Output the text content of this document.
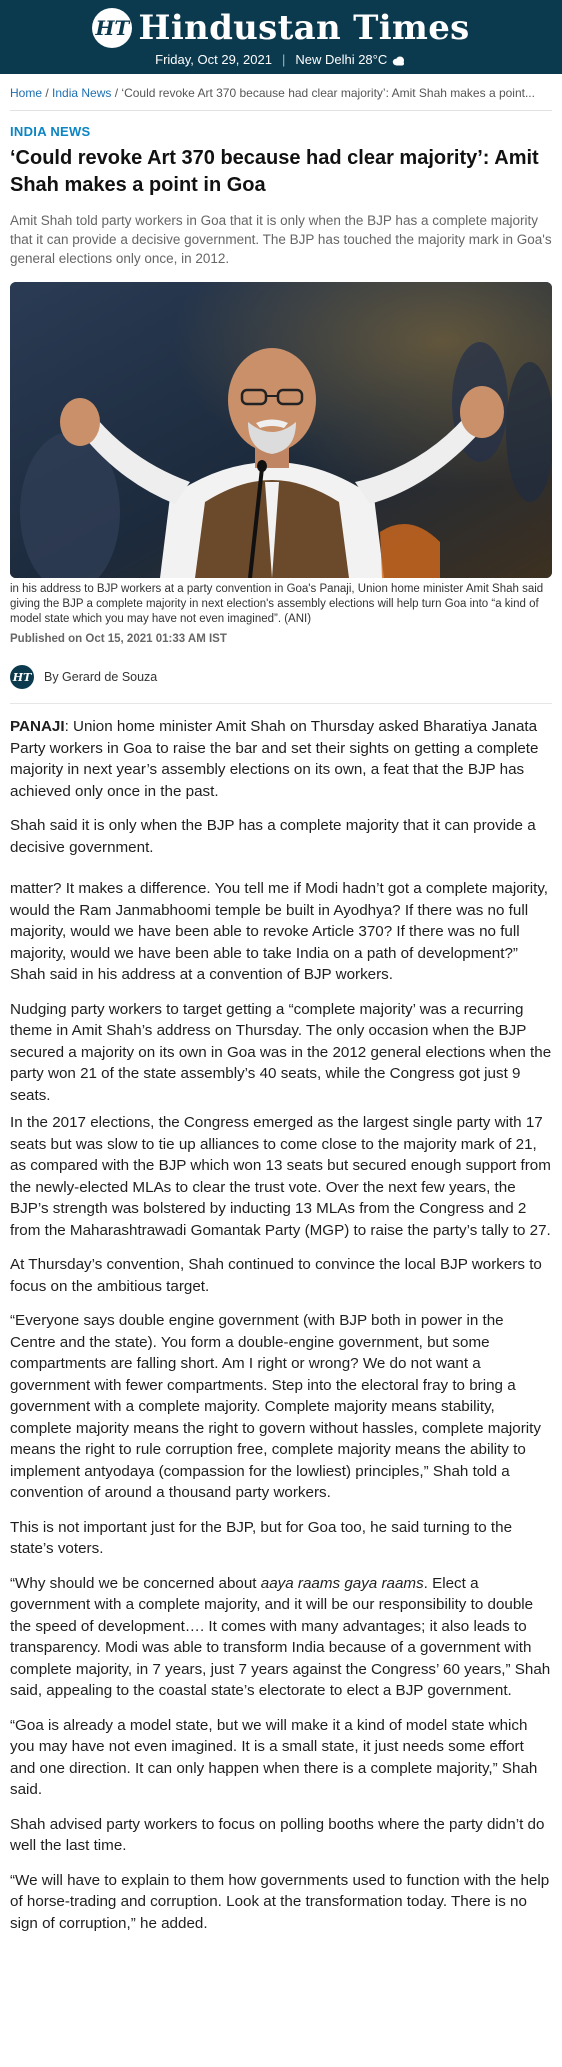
HT Hindustan Times
Friday, Oct 29, 2021 | New Delhi 28°C
Home / India News / ‘Could revoke Art 370 because had clear majority’: Amit Shah makes a point...
INDIA NEWS
‘Could revoke Art 370 because had clear majority’: Amit Shah makes a point in Goa

Amit Shah told party workers in Goa that it is only when the BJP has a complete majority that it can provide a decisive government. The BJP has touched the majority mark in Goa's general elections only once, in 2012.

in his address to BJP workers at a party convention in Goa's Panaji, Union home minister Amit Shah said giving the BJP a complete majority in next election's assembly elections will help turn Goa into “a kind of model state which you may have not even imagined”. (ANI)

Published on Oct 15, 2021 01:33 AM IST

HT By Gerard de Souza

PANAJI: Union home minister Amit Shah on Thursday asked Bharatiya Janata Party workers in Goa to raise the bar and set their sights on getting a complete majority in next year’s assembly elections on its own, a feat that the BJP has achieved only once in the past.

Shah said it is only when the BJP has a complete majority that it can provide a decisive government.

matter? It makes a difference. You tell me if Modi hadn’t got a complete majority, would the Ram Janmabhoomi temple be built in Ayodhya? If there was no full majority, would we have been able to revoke Article 370? If there was no full majority, would we have been able to take India on a path of development?” Shah said in his address at a convention of BJP workers.

Nudging party workers to target getting a “complete majority’ was a recurring theme in Amit Shah’s address on Thursday. The only occasion when the BJP secured a majority on its own in Goa was in the 2012 general elections when the party won 21 of the state assembly’s 40 seats, while the Congress got just 9 seats.

In the 2017 elections, the Congress emerged as the largest single party with 17 seats but was slow to tie up alliances to come close to the majority mark of 21, as compared with the BJP which won 13 seats but secured enough support from the newly-elected MLAs to clear the trust vote. Over the next few years, the BJP’s strength was bolstered by inducting 13 MLAs from the Congress and 2 from the Maharashtrawadi Gomantak Party (MGP) to raise the party’s tally to 27.

At Thursday’s convention, Shah continued to convince the local BJP workers to focus on the ambitious target.

“Everyone says double engine government (with BJP both in power in the Centre and the state). You form a double-engine government, but some compartments are falling short. Am I right or wrong? We do not want a government with fewer compartments. Step into the electoral fray to bring a government with a complete majority. Complete majority means stability, complete majority means the right to govern without hassles, complete majority means the right to rule corruption free, complete majority means the ability to implement antyodaya (compassion for the lowliest) principles,” Shah told a convention of around a thousand party workers.

This is not important just for the BJP, but for Goa too, he said turning to the state’s voters.

“Why should we be concerned about aaya raams gaya raams. Elect a government with a complete majority, and it will be our responsibility to double the speed of development…. It comes with many advantages; it also leads to transparency. Modi was able to transform India because of a government with complete majority, in 7 years, just 7 years against the Congress’ 60 years,” Shah said, appealing to the coastal state’s electorate to elect a BJP government.

“Goa is already a model state, but we will make it a kind of model state which you may have not even imagined. It is a small state, it just needs some effort and one direction. It can only happen when there is a complete majority,” Shah said.

Shah advised party workers to focus on polling booths where the party didn’t do well the last time.

“We will have to explain to them how governments used to function with the help of horse-trading and corruption. Look at the transformation today. There is no sign of corruption,” he added.
